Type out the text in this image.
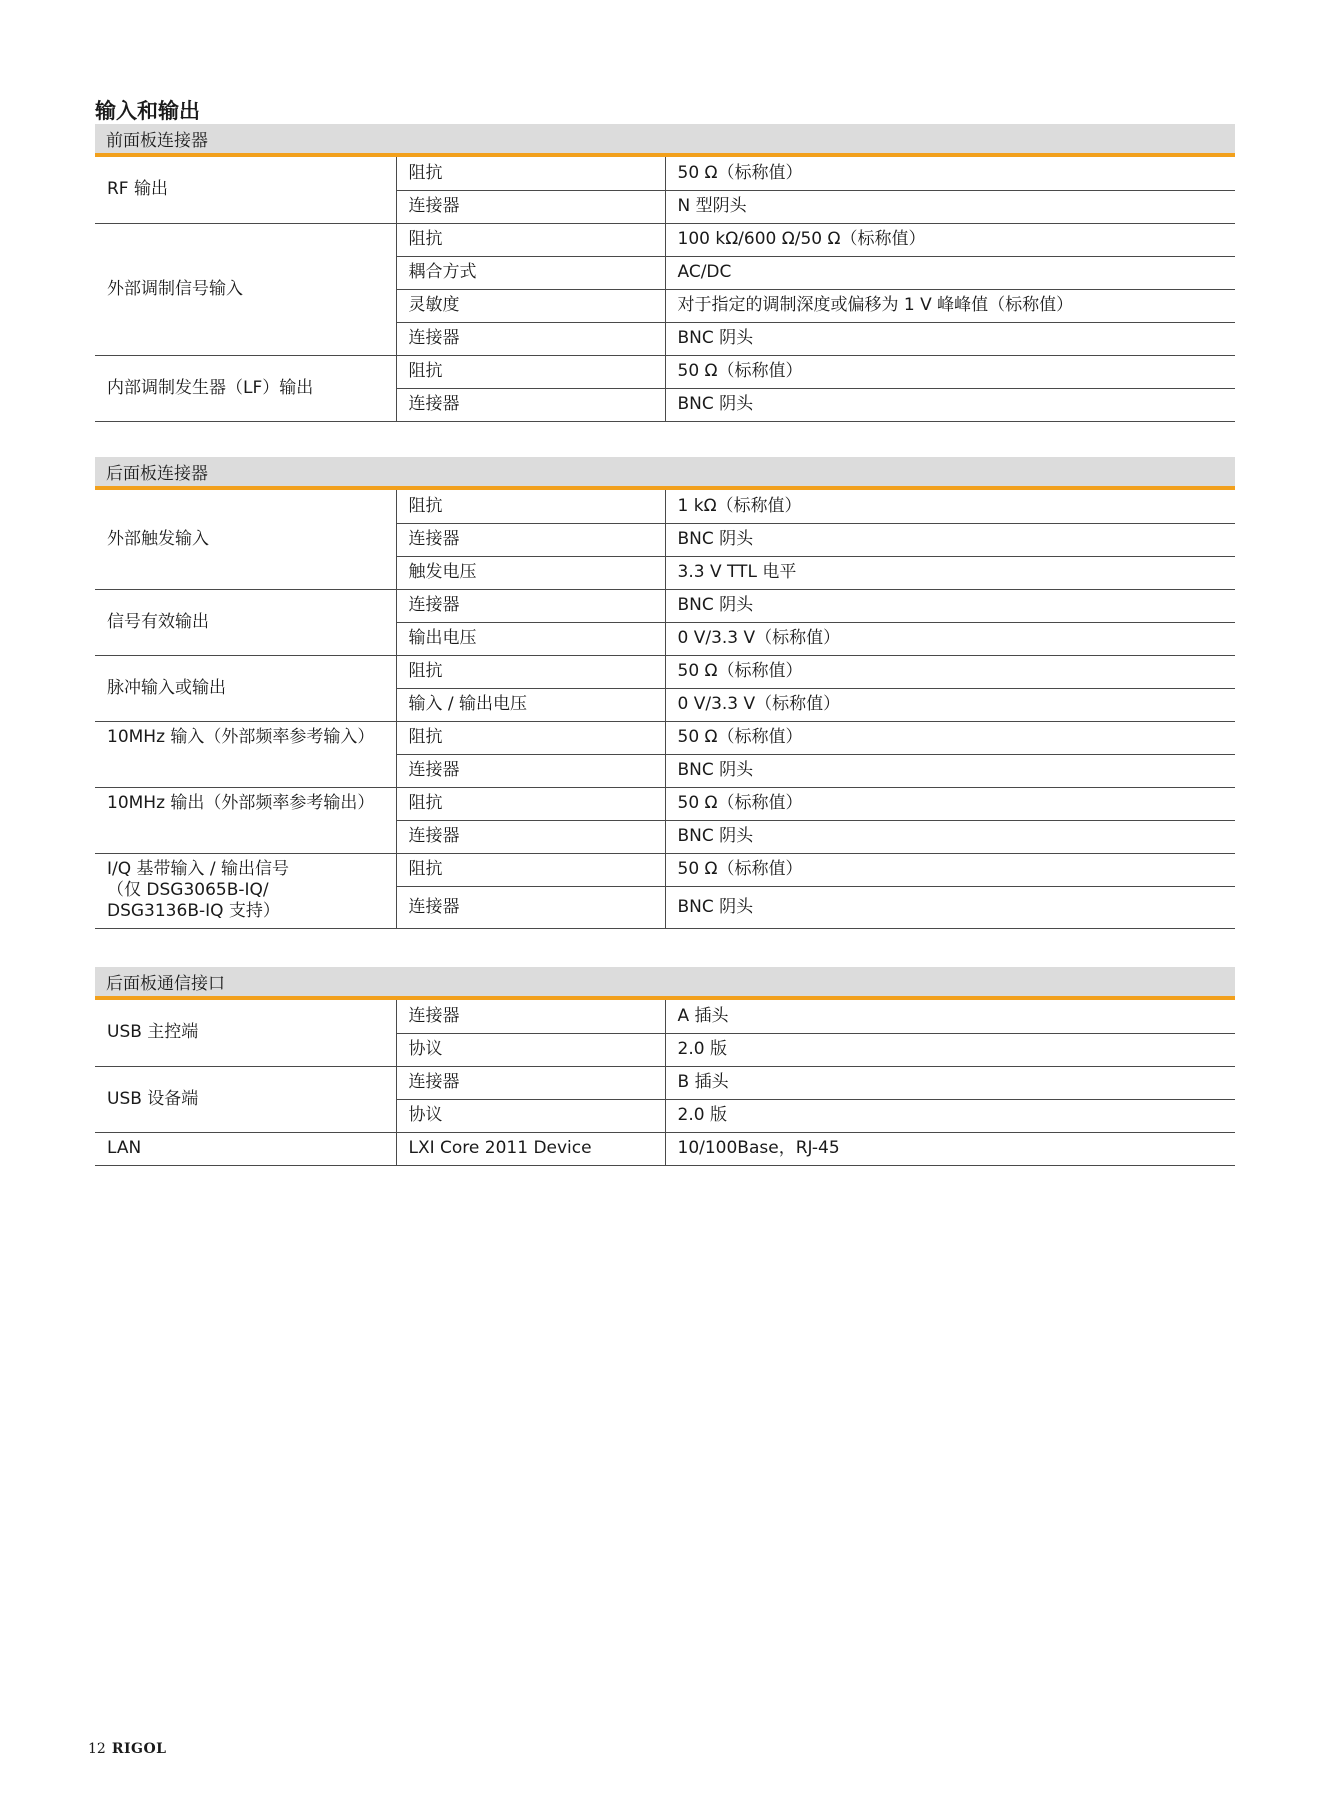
输入和输出
前面板连接器
RF 输出	阻抗	50 Ω（标称值）
	连接器	N 型阴头
外部调制信号输入	阻抗	100 kΩ/600 Ω/50 Ω（标称值）
	耦合方式	AC/DC
	灵敏度	对于指定的调制深度或偏移为 1 V 峰峰值（标称值）
	连接器	BNC 阴头
内部调制发生器（LF）输出	阻抗	50 Ω（标称值）
	连接器	BNC 阴头
后面板连接器
外部触发输入	阻抗	1 kΩ（标称值）
	连接器	BNC 阴头
	触发电压	3.3 V TTL 电平
信号有效输出	连接器	BNC 阴头
	输出电压	0 V/3.3 V（标称值）
脉冲输入或输出	阻抗	50 Ω（标称值）
	输入 / 输出电压	0 V/3.3 V（标称值）
10MHz 输入（外部频率参考输入）	阻抗	50 Ω（标称值）
	连接器	BNC 阴头
10MHz 输出（外部频率参考输出）	阻抗	50 Ω（标称值）
	连接器	BNC 阴头

I/Q 基带输入 / 输出信号
（仅 DSG3065B-IQ/
DSG3136B-IQ 支持）	阻抗	50 Ω（标称值）
	连接器	BNC 阴头
后面板通信接口
USB 主控端	连接器	A 插头
	协议	2.0 版
USB 设备端	连接器	B 插头
	协议	2.0 版
LAN	LXI Core 2011 Device	10/100Base，RJ-45
12 RIGOL
